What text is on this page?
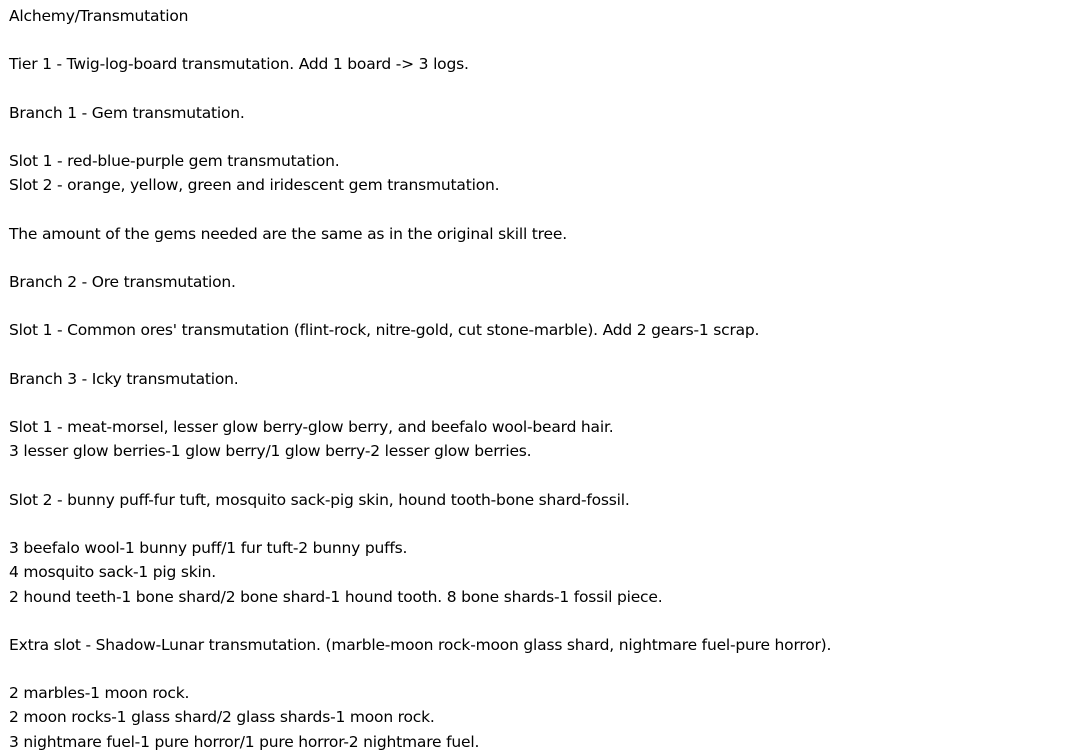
Alchemy/Transmutation
Tier 1 - Twig-log-board transmutation. Add 1 board -> 3 logs.
Branch 1 - Gem transmutation.
Slot 1 - red-blue-purple gem transmutation.
Slot 2 - orange, yellow, green and iridescent gem transmutation.
The amount of the gems needed are the same as in the original skill tree.
Branch 2 - Ore transmutation.
Slot 1 - Common ores' transmutation (flint-rock, nitre-gold, cut stone-marble). Add 2 gears-1 scrap.
Branch 3 - Icky transmutation.
Slot 1 - meat-morsel, lesser glow berry-glow berry, and beefalo wool-beard hair.
3 lesser glow berries-1 glow berry/1 glow berry-2 lesser glow berries.
Slot 2 - bunny puff-fur tuft, mosquito sack-pig skin, hound tooth-bone shard-fossil.
3 beefalo wool-1 bunny puff/1 fur tuft-2 bunny puffs.
4 mosquito sack-1 pig skin.
2 hound teeth-1 bone shard/2 bone shard-1 hound tooth. 8 bone shards-1 fossil piece.
Extra slot - Shadow-Lunar transmutation. (marble-moon rock-moon glass shard, nightmare fuel-pure horror).
2 marbles-1 moon rock.
2 moon rocks-1 glass shard/2 glass shards-1 moon rock.
3 nightmare fuel-1 pure horror/1 pure horror-2 nightmare fuel.
